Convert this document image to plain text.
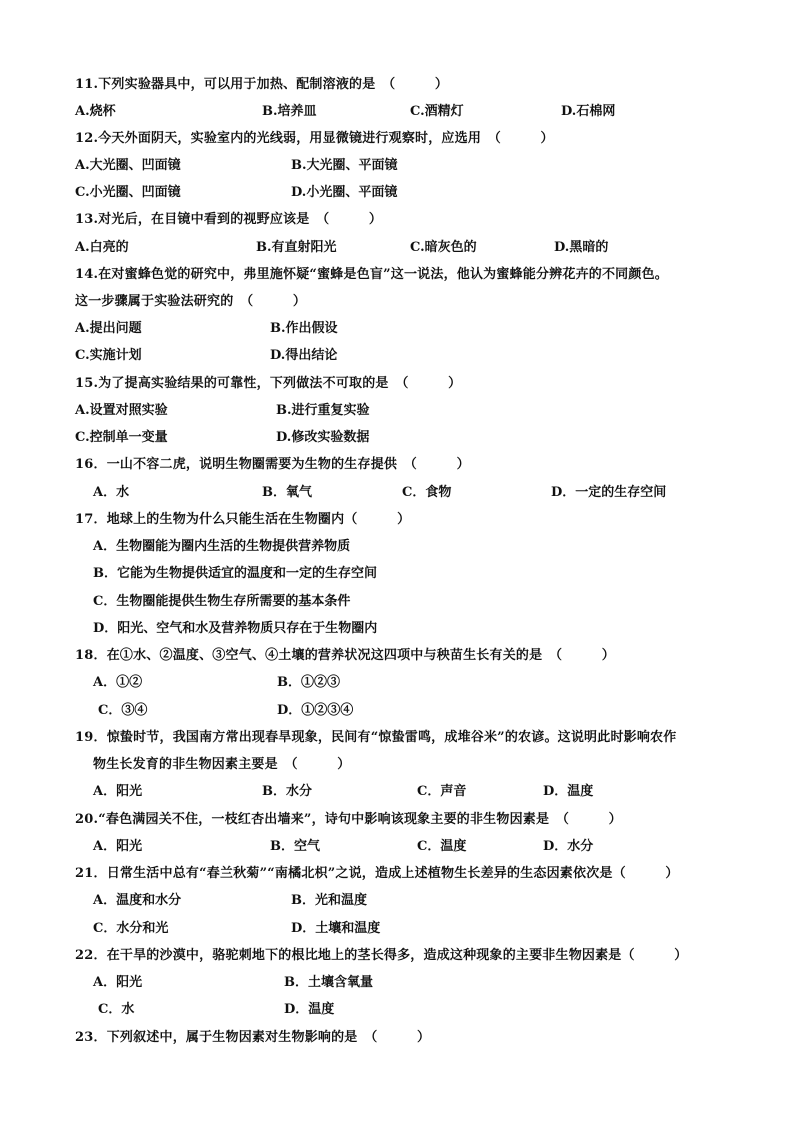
11.下列实验器具中，可以用于加热、配制溶液的是　（　　　）
A.烧杯	B.培养皿	C.酒精灯	D.石棉网
12.今天外面阴天，实验室内的光线弱，用显微镜进行观察时，应选用　（　　　）
A.大光圈、凹面镜	B.大光圈、平面镜
C.小光圈、凹面镜	D.小光圈、平面镜
13.对光后，在目镜中看到的视野应该是　（　　　）
A.白亮的	B.有直射阳光	C.暗灰色的	D.黑暗的
14.在对蜜蜂色觉的研究中，弗里施怀疑“蜜蜂是色盲”这一说法，他认为蜜蜂能分辨花卉的不同颜色。
这一步骤属于实验法研究的　（　　　）
A.提出问题	B.作出假设
C.实施计划	D.得出结论
15.为了提高实验结果的可靠性，下列做法不可取的是　（　　　）
A.设置对照实验	B.进行重复实验
C.控制单一变量	D.修改实验数据
16．一山不容二虎，说明生物圈需要为生物的生存提供　（　　　）
A．水	B．氧气	C．食物	D．一定的生存空间
17．地球上的生物为什么只能生活在生物圈内（　　　）
A．生物圈能为圈内生活的生物提供营养物质
B．它能为生物提供适宜的温度和一定的生存空间
C．生物圈能提供生物生存所需要的基本条件
D．阳光、空气和水及营养物质只存在于生物圈内
18．在①水、②温度、③空气、④土壤的营养状况这四项中与秧苗生长有关的是　（　　　）
A．①②	B．①②③
C．③④	D．①②③④
19．惊蛰时节，我国南方常出现春旱现象，民间有“惊蛰雷鸣，成堆谷米”的农谚。这说明此时影响农作
物生长发育的非生物因素主要是　（　　　）
A．阳光	B．水分	C．声音	D．温度
20.“春色满园关不住，一枝红杏出墙来”，诗句中影响该现象主要的非生物因素是　（　　　）
A．阳光	B．空气	C．温度	D．水分
21．日常生活中总有“春兰秋菊”“南橘北枳”之说，造成上述植物生长差异的生态因素依次是（　　　）
A．温度和水分	B．光和温度
C．水分和光	D．土壤和温度
22．在干旱的沙漠中，骆驼刺地下的根比地上的茎长得多，造成这种现象的主要非生物因素是（　　　）
A．阳光	B．土壤含氧量
C．水	D．温度
23．下列叙述中，属于生物因素对生物影响的是　（　　　）
